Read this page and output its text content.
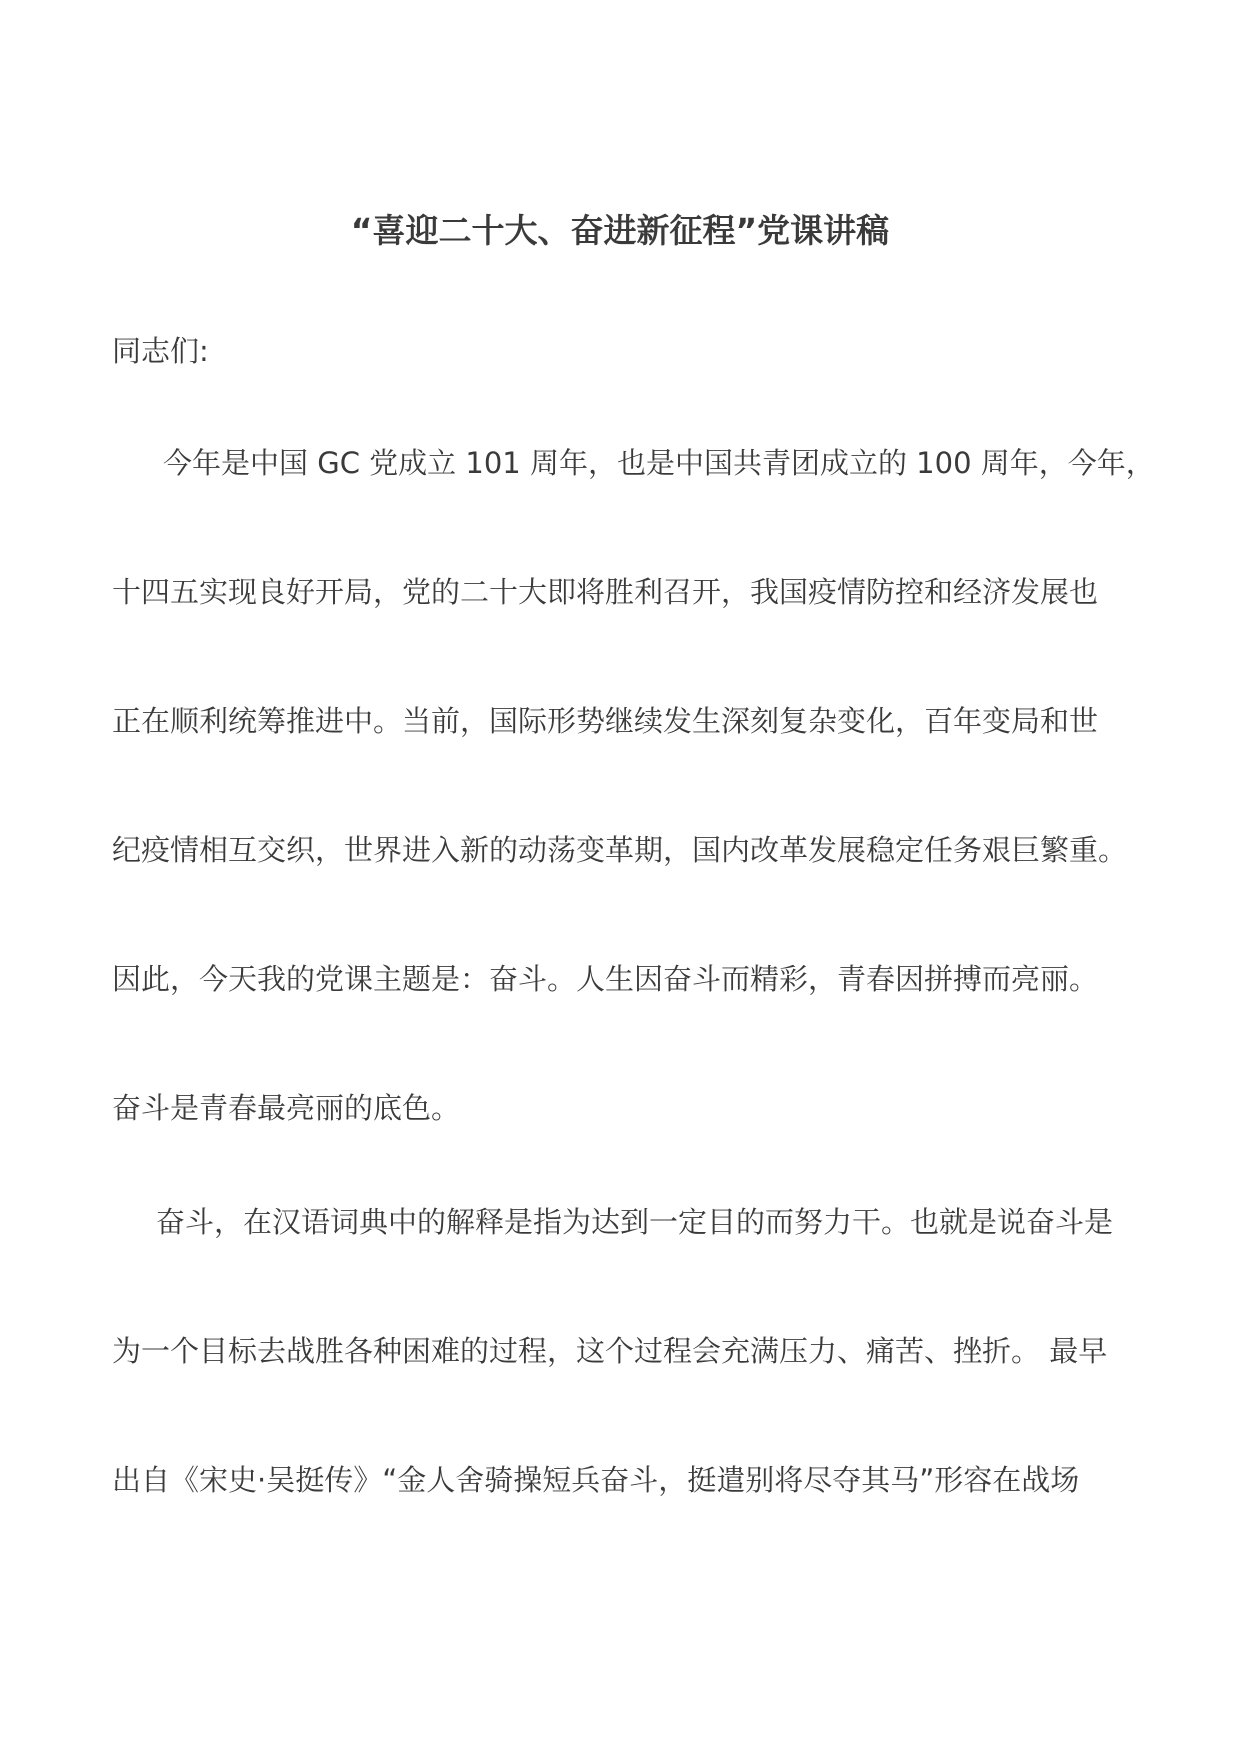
“喜迎二十大、奋进新征程”党课讲稿
同志们:
今年是中国 GC 党成立 101 周年，也是中国共青团成立的 100 周年，今年，
十四五实现良好开局，党的二十大即将胜利召开，我国疫情防控和经济发展也
正在顺利统筹推进中。当前，国际形势继续发生深刻复杂变化，百年变局和世
纪疫情相互交织，世界进入新的动荡变革期，国内改革发展稳定任务艰巨繁重。
因此，今天我的党课主题是：奋斗。人生因奋斗而精彩，青春因拼搏而亮丽。
奋斗是青春最亮丽的底色。
奋斗，在汉语词典中的解释是指为达到一定目的而努力干。也就是说奋斗是
为一个目标去战胜各种困难的过程，这个过程会充满压力、痛苦、挫折。 最早
出自《宋史·吴挺传》“金人舍骑操短兵奋斗，挺遣别将尽夺其马”形容在战场
